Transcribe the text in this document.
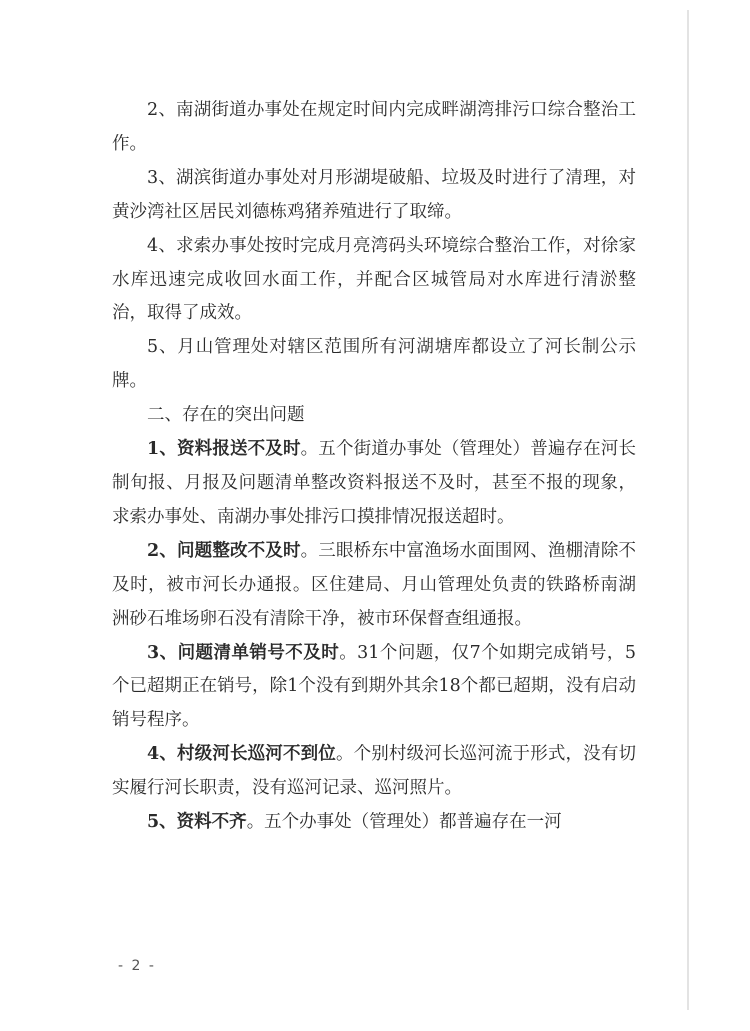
2、南湖街道办事处在规定时间内完成畔湖湾排污口综合整治工作。

3、湖滨街道办事处对月形湖堤破船、垃圾及时进行了清理，对黄沙湾社区居民刘德栋鸡猪养殖进行了取缔。

4、求索办事处按时完成月亮湾码头环境综合整治工作，对徐家水库迅速完成收回水面工作，并配合区城管局对水库进行清淤整治，取得了成效。

5、月山管理处对辖区范围所有河湖塘库都设立了河长制公示牌。

二、存在的突出问题

1、资料报送不及时。五个街道办事处（管理处）普遍存在河长制旬报、月报及问题清单整改资料报送不及时，甚至不报的现象，求索办事处、南湖办事处排污口摸排情况报送超时。

2、问题整改不及时。三眼桥东中富渔场水面围网、渔棚清除不及时，被市河长办通报。区住建局、月山管理处负责的铁路桥南湖洲砂石堆场卵石没有清除干净，被市环保督查组通报。

3、问题清单销号不及时。31个问题，仅7个如期完成销号，5个已超期正在销号，除1个没有到期外其余18个都已超期，没有启动销号程序。

4、村级河长巡河不到位。个别村级河长巡河流于形式，没有切实履行河长职责，没有巡河记录、巡河照片。

5、资料不齐。五个办事处（管理处）都普遍存在一河

- 2 -
